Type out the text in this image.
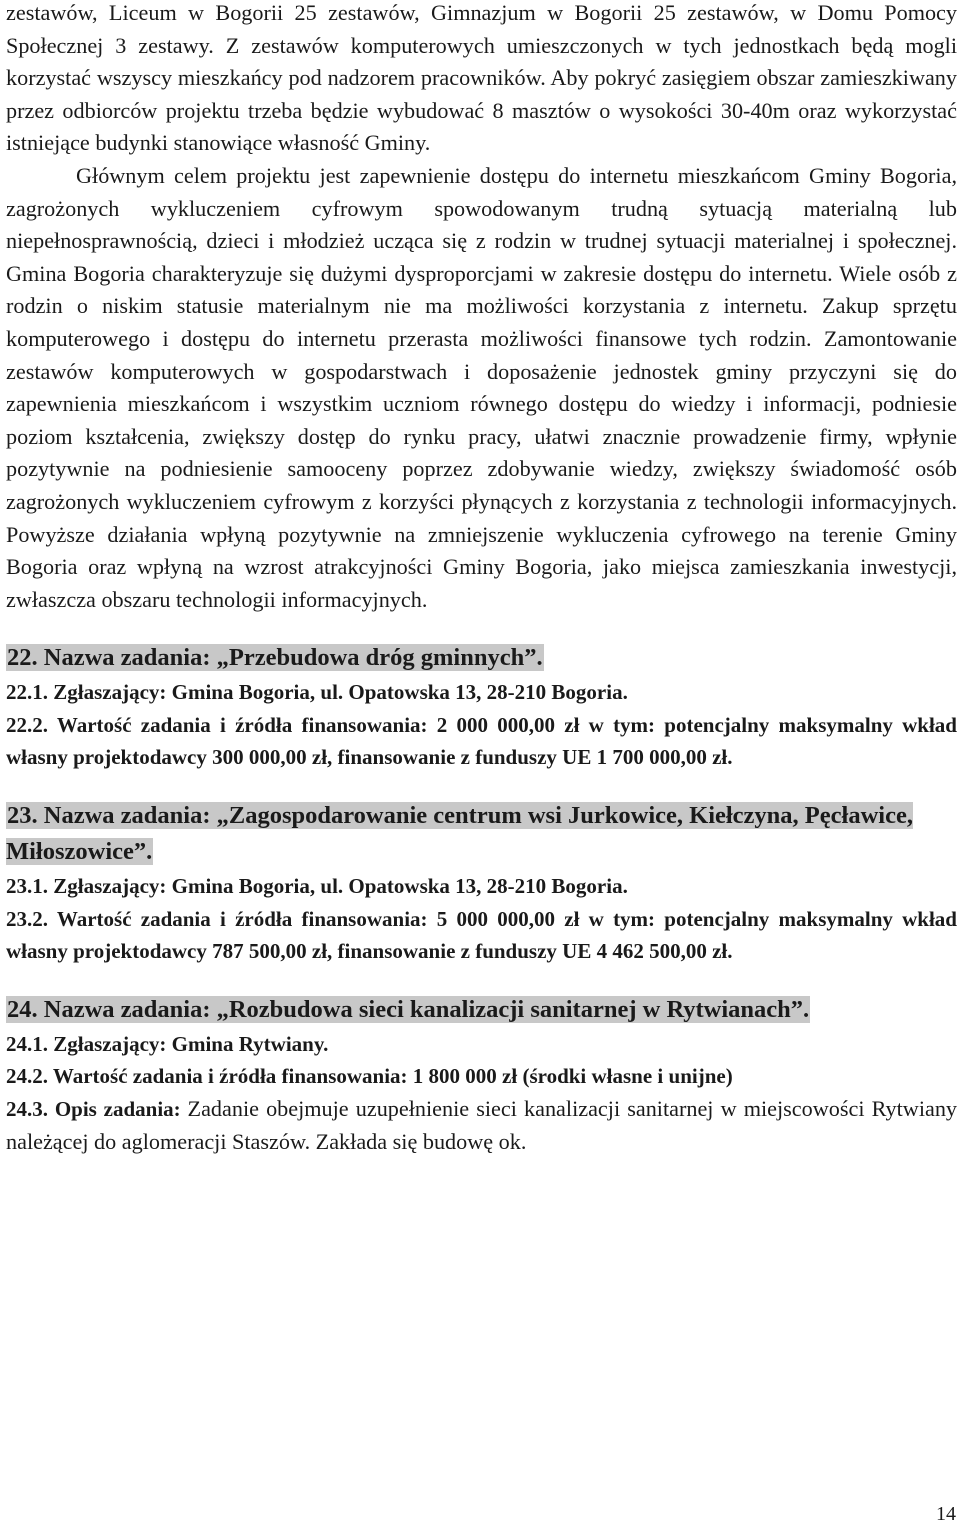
zestawów, Liceum w Bogorii 25 zestawów, Gimnazjum w Bogorii 25 zestawów, w Domu Pomocy Społecznej 3 zestawy. Z zestawów komputerowych umieszczonych w tych jednostkach będą mogli korzystać wszyscy mieszkańcy pod nadzorem pracowników. Aby pokryć zasięgiem obszar zamieszkiwany przez odbiorców projektu trzeba będzie wybudować 8 masztów o wysokości 30-40m oraz wykorzystać istniejące budynki stanowiące własność Gminy.

Głównym celem projektu jest zapewnienie dostępu do internetu mieszkańcom Gminy Bogoria, zagrożonych wykluczeniem cyfrowym spowodowanym trudną sytuacją materialną lub niepełnosprawnością, dzieci i młodzież ucząca się z rodzin w trudnej sytuacji materialnej i społecznej. Gmina Bogoria charakteryzuje się dużymi dysproporcjami w zakresie dostępu do internetu. Wiele osób z rodzin o niskim statusie materialnym nie ma możliwości korzystania z internetu. Zakup sprzętu komputerowego i dostępu do internetu przerasta możliwości finansowe tych rodzin. Zamontowanie zestawów komputerowych w gospodarstwach i doposażenie jednostek gminy przyczyni się do zapewnienia mieszkańcom i wszystkim uczniom równego dostępu do wiedzy i informacji, podniesie poziom kształcenia, zwiększy dostęp do rynku pracy, ułatwi znacznie prowadzenie firmy, wpłynie pozytywnie na podniesienie samooceny poprzez zdobywanie wiedzy, zwiększy świadomość osób zagrożonych wykluczeniem cyfrowym z korzyści płynących z korzystania z technologii informacyjnych. Powyższe działania wpłyną pozytywnie na zmniejszenie wykluczenia cyfrowego na terenie Gminy Bogoria oraz wpłyną na wzrost atrakcyjności Gminy Bogoria, jako miejsca zamieszkania inwestycji, zwłaszcza obszaru technologii informacyjnych.

22. Nazwa zadania: „Przebudowa dróg gminnych”.

22.1. Zgłaszający: Gmina Bogoria, ul. Opatowska 13, 28-210 Bogoria.

22.2. Wartość zadania i źródła finansowania: 2 000 000,00 zł w tym: potencjalny maksymalny wkład własny projektodawcy 300 000,00 zł, finansowanie z funduszy UE 1 700 000,00 zł.

23. Nazwa zadania: „Zagospodarowanie centrum wsi Jurkowice, Kiełczyna, Pęcławice, Miłoszowice”.

23.1. Zgłaszający: Gmina Bogoria, ul. Opatowska 13, 28-210 Bogoria.

23.2. Wartość zadania i źródła finansowania: 5 000 000,00 zł w tym: potencjalny maksymalny wkład własny projektodawcy 787 500,00 zł, finansowanie z funduszy UE 4 462 500,00 zł.

24. Nazwa zadania: „Rozbudowa sieci kanalizacji sanitarnej w Rytwianach”.

24.1. Zgłaszający: Gmina Rytwiany.

24.2. Wartość zadania i źródła finansowania: 1 800 000 zł (środki własne i unijne)

24.3. Opis zadania: Zadanie obejmuje uzupełnienie sieci kanalizacji sanitarnej w miejscowości Rytwiany należącej do aglomeracji Staszów. Zakłada się budowę ok.

14
